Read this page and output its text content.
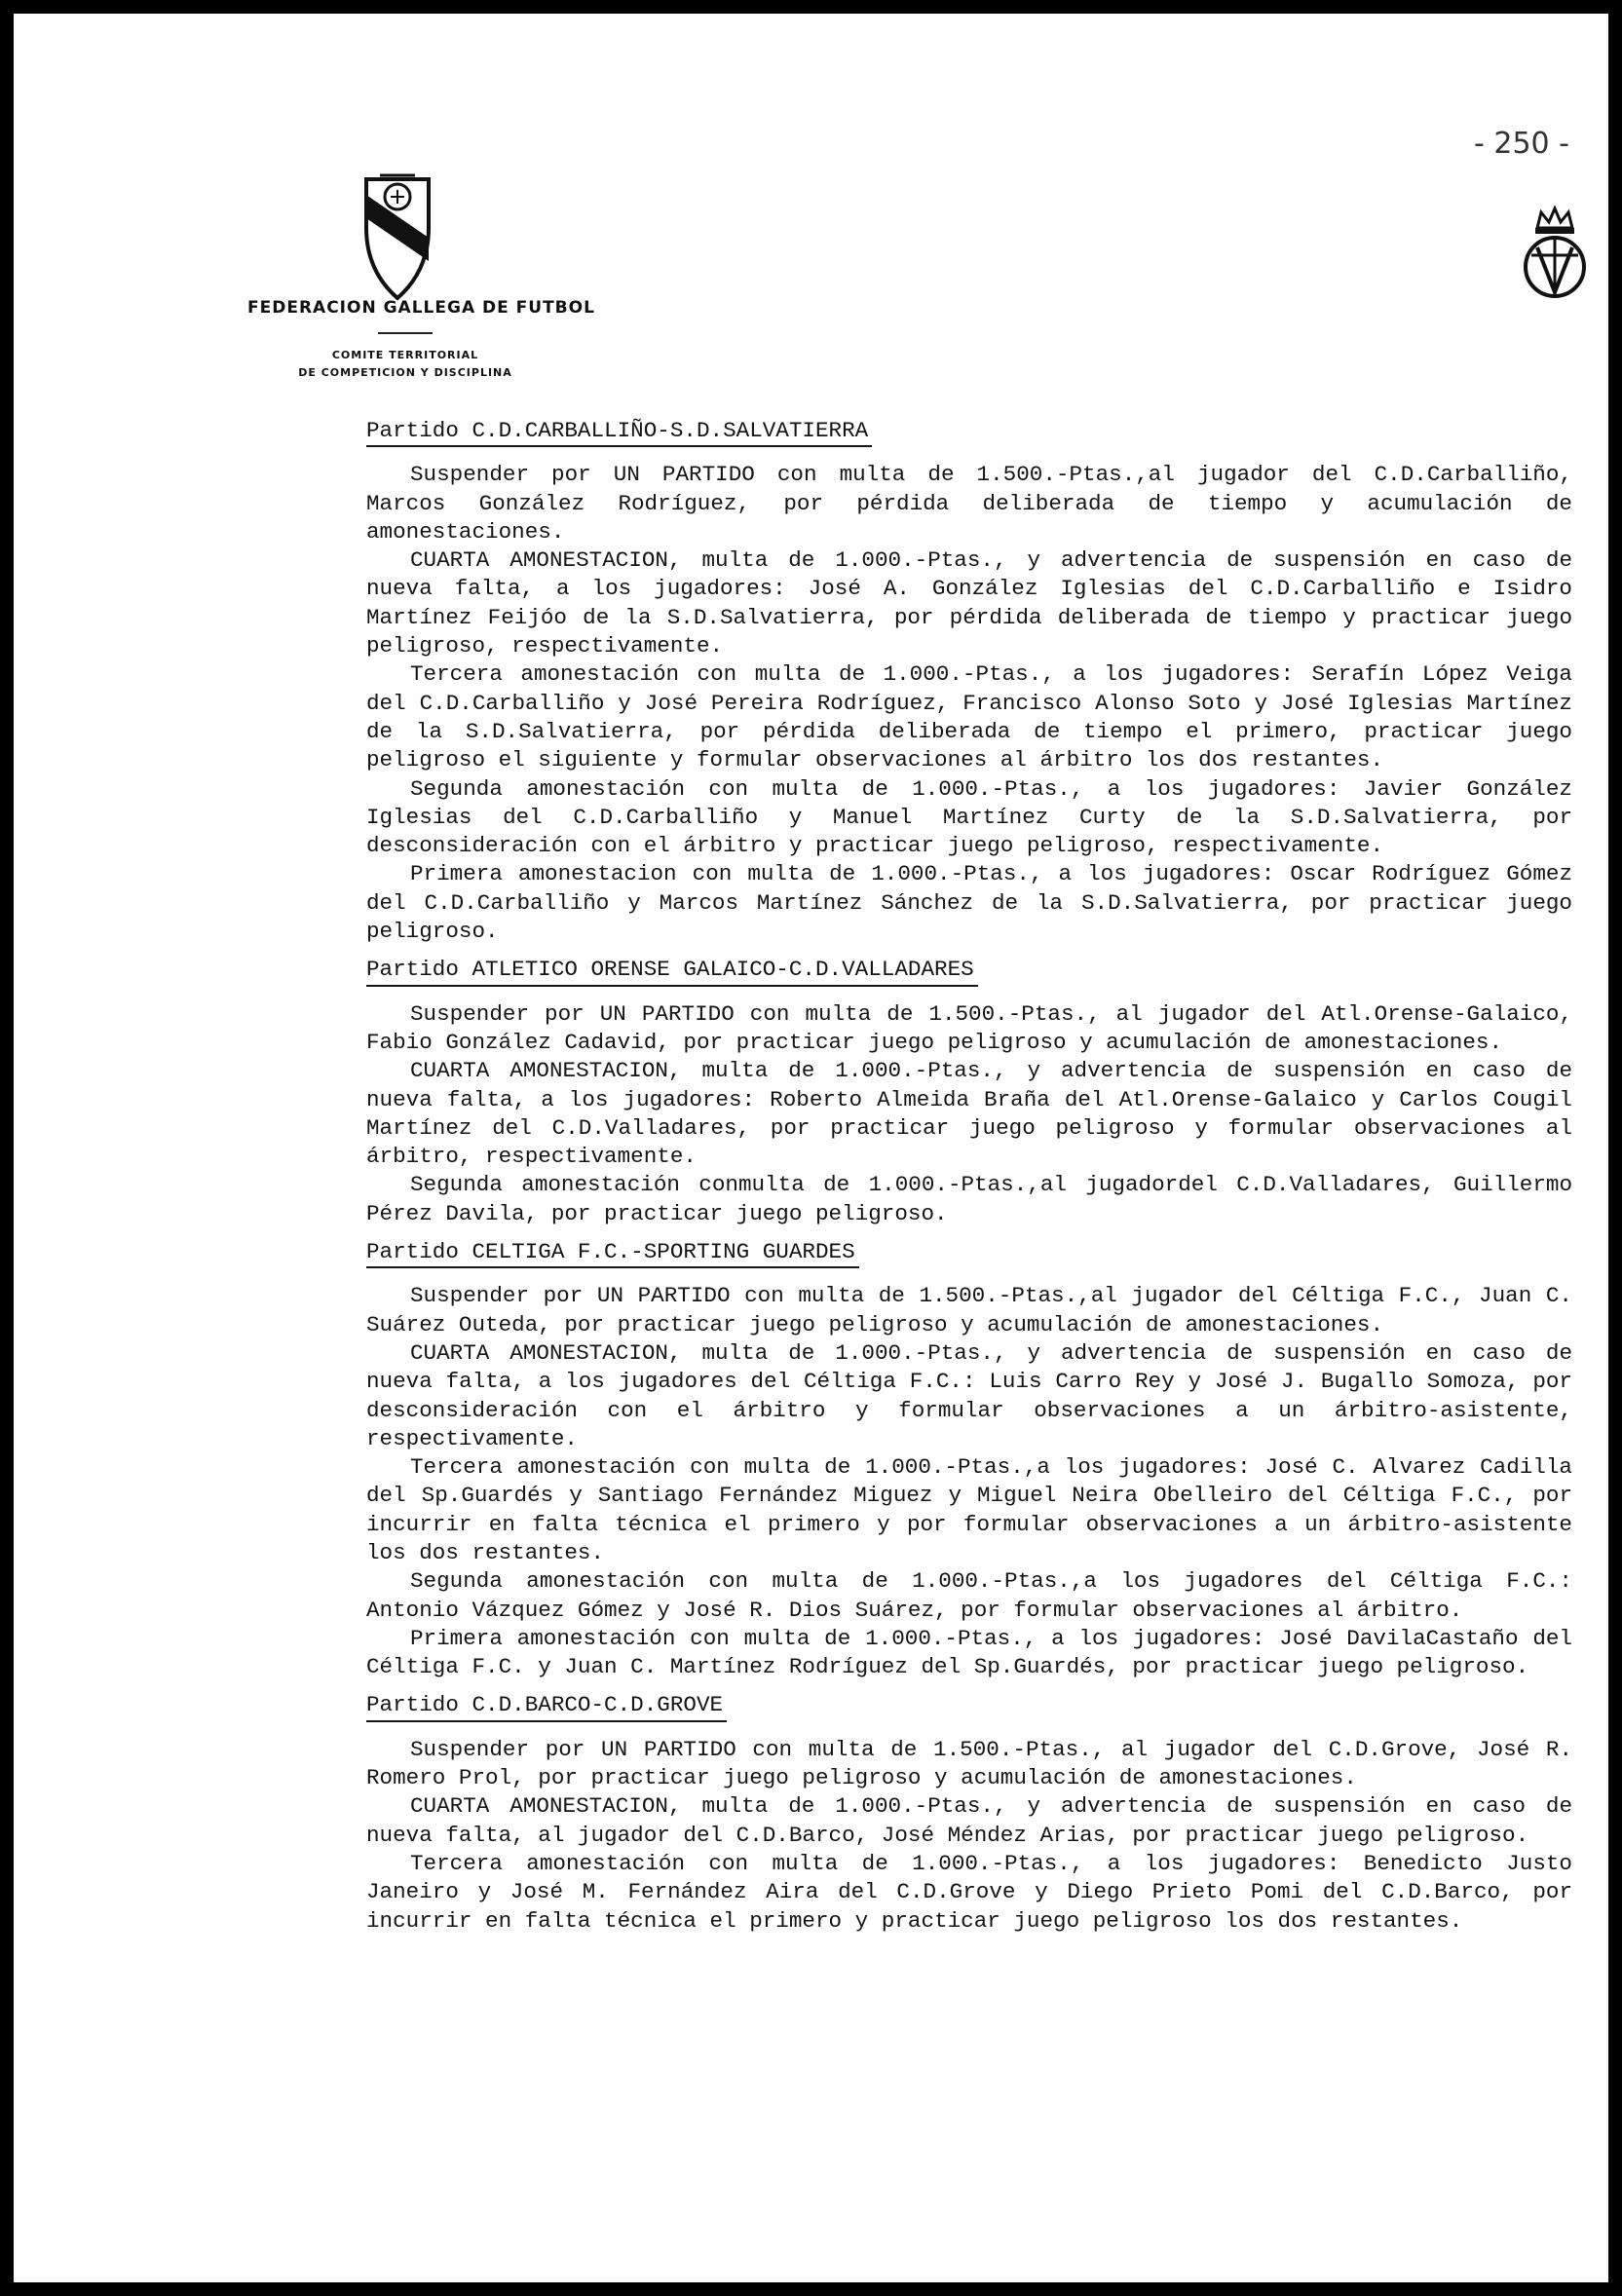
- 250 -
FEDERACION GALLEGA DE FUTBOL
COMITE TERRITORIAL
DE COMPETICION Y DISCIPLINA
Partido C.D.CARBALLIÑO-S.D.SALVATIERRA

Suspender por UN PARTIDO con multa de 1.500.-Ptas.,al jugador del C.D.Carballiño, Marcos González Rodríguez, por pérdida deliberada de tiempo y acumulación de amonestaciones.

CUARTA AMONESTACION, multa de 1.000.-Ptas., y advertencia de suspensión en caso de nueva falta, a los jugadores: José A. González Iglesias del C.D.Carballiño e Isidro Martínez Feijóo de la S.D.Salvatierra, por pérdida deliberada de tiempo y practicar juego peligroso, respectivamente.

Tercera amonestación con multa de 1.000.-Ptas., a los jugadores: Serafín López Veiga del C.D.Carballiño y José Pereira Rodríguez, Francisco Alonso Soto y José Iglesias Martínez de la S.D.Salvatierra, por pérdida deliberada de tiempo el primero, practicar juego peligroso el siguiente y formular observaciones al árbitro los dos restantes.

Segunda amonestación con multa de 1.000.-Ptas., a los jugadores: Javier González Iglesias del C.D.Carballiño y Manuel Martínez Curty de la S.D.Salvatierra, por desconsideración con el árbitro y practicar juego peligroso, respectivamente.

Primera amonestacion con multa de 1.000.-Ptas., a los jugadores: Oscar Rodríguez Gómez del C.D.Carballiño y Marcos Martínez Sánchez de la S.D.Salvatierra, por practicar juego peligroso.

Partido ATLETICO ORENSE GALAICO-C.D.VALLADARES

Suspender por UN PARTIDO con multa de 1.500.-Ptas., al jugador del Atl.Orense-Galaico, Fabio González Cadavid, por practicar juego peligroso y acumulación de amonestaciones.

CUARTA AMONESTACION, multa de 1.000.-Ptas., y advertencia de suspensión en caso de nueva falta, a los jugadores: Roberto Almeida Braña del Atl.Orense-Galaico y Carlos Cougil Martínez del C.D.Valladares, por practicar juego peligroso y formular observaciones al árbitro, respectivamente.

Segunda amonestación conmulta de 1.000.-Ptas.,al jugadordel C.D.Valladares, Guillermo Pérez Davila, por practicar juego peligroso.

Partido CELTIGA F.C.-SPORTING GUARDES

Suspender por UN PARTIDO con multa de 1.500.-Ptas.,al jugador del Céltiga F.C., Juan C. Suárez Outeda, por practicar juego peligroso y acumulación de amonestaciones.

CUARTA AMONESTACION, multa de 1.000.-Ptas., y advertencia de suspensión en caso de nueva falta, a los jugadores del Céltiga F.C.: Luis Carro Rey y José J. Bugallo Somoza, por desconsideración con el árbitro y formular observaciones a un árbitro-asistente, respectivamente.

Tercera amonestación con multa de 1.000.-Ptas.,a los jugadores: José C. Alvarez Cadilla del Sp.Guardés y Santiago Fernández Miguez y Miguel Neira Obelleiro del Céltiga F.C., por incurrir en falta técnica el primero y por formular observaciones a un árbitro-asistente los dos restantes.

Segunda amonestación con multa de 1.000.-Ptas.,a los jugadores del Céltiga F.C.: Antonio Vázquez Gómez y José R. Dios Suárez, por formular observaciones al árbitro.

Primera amonestación con multa de 1.000.-Ptas., a los jugadores: José DavilaCastaño del Céltiga F.C. y Juan C. Martínez Rodríguez del Sp.Guardés, por practicar juego peligroso.

Partido C.D.BARCO-C.D.GROVE

Suspender por UN PARTIDO con multa de 1.500.-Ptas., al jugador del C.D.Grove, José R. Romero Prol, por practicar juego peligroso y acumulación de amonestaciones.

CUARTA AMONESTACION, multa de 1.000.-Ptas., y advertencia de suspensión en caso de nueva falta, al jugador del C.D.Barco, José Méndez Arias, por practicar juego peligroso.

Tercera amonestación con multa de 1.000.-Ptas., a los jugadores: Benedicto Justo Janeiro y José M. Fernández Aira del C.D.Grove y Diego Prieto Pomi del C.D.Barco, por incurrir en falta técnica el primero y practicar juego peligroso los dos restantes.
